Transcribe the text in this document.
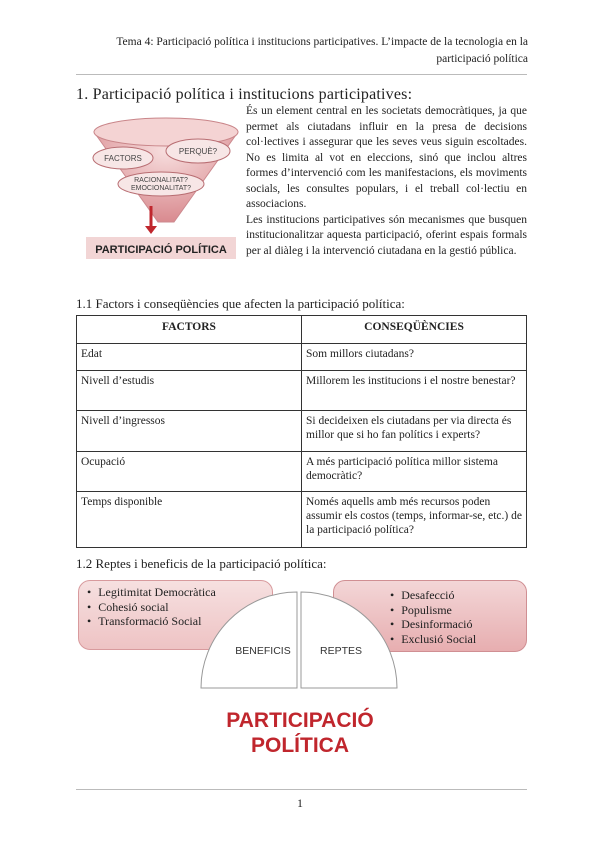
Tema 4: Participació política i institucions participatives. L’impacte de la tecnologia en la
participació política
1. Participació política i institucions participatives:
FACTORS
PERQUÈ?
RACIONALITAT?
EMOCIONALITAT?
PARTICIPACIÓ POLÍTICA

És un element central en les societats democràtiques, ja que permet als ciutadans influir en la presa de decisions col·lectives i assegurar que les seves veus siguin escoltades. No es limita al vot en eleccions, sinó que inclou altres formes d’intervenció com les manifestacions, els moviments socials, les consultes populars, i el treball col·lectiu en associacions.

Les institucions participatives són mecanismes que busquen institucionalitzar aquesta participació, oferint espais formals per al diàleg i la intervenció ciutadana en la gestió pública.

1.1 Factors i conseqüències que afecten la participació política:
FACTORS	CONSEQÜÈNCIES
Edat	Som millors ciutadans?
Nivell d’estudis	Millorem les institucions i el nostre benestar?
Nivell d’ingressos	Si decideixen els ciutadans per via directa és millor que si ho fan polítics i experts?
Ocupació	A més participació política millor sistema democràtic?
Temps disponible	Només aquells amb més recursos poden assumir els costos (temps, informar-se, etc.) de la participació política?
1.2 Reptes i beneficis de la participació política:
• Legitimitat Democràtica
• Cohesió social
• Transformació Social
• Desafecció
• Populisme
• Desinformació
• Exclusió Social
BENEFICIS	REPTES
PARTICIPACIÓ
POLÍTICA
1
